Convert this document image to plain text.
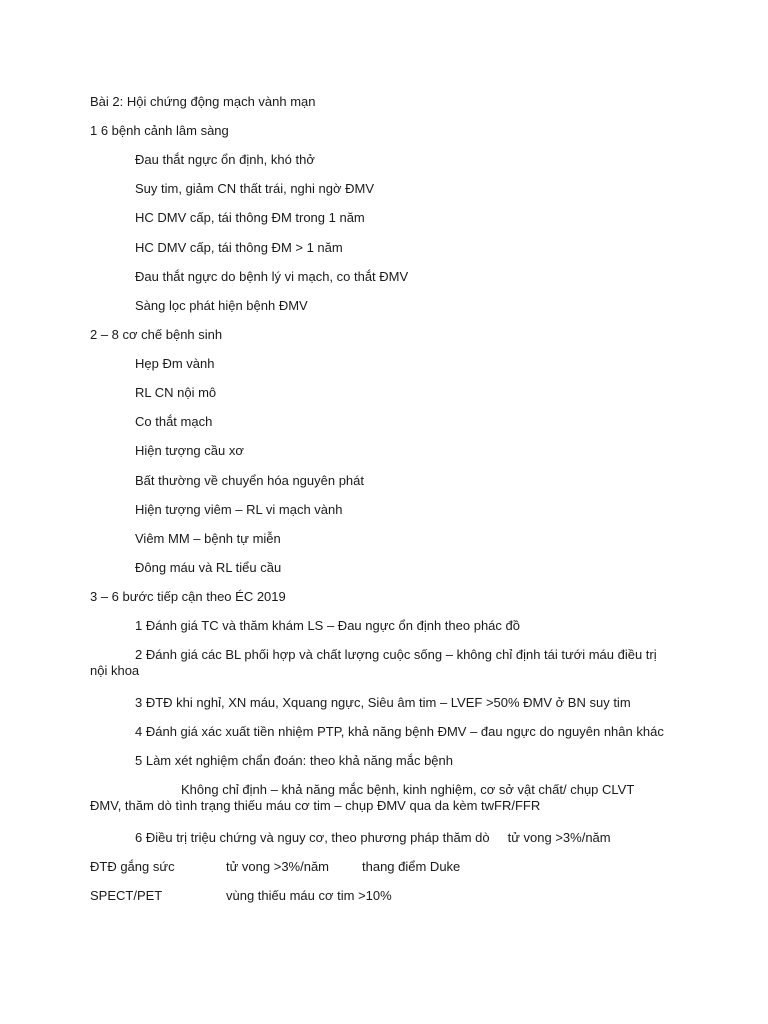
Bài 2: Hội chứng động mạch vành mạn
1 6 bệnh cảnh lâm sàng
Đau thắt ngực ổn định, khó thở
Suy tim, giảm CN thất trái, nghi ngờ ĐMV
HC DMV cấp, tái thông ĐM trong 1 năm
HC DMV cấp, tái thông ĐM > 1 năm
Đau thắt ngực do bệnh lý vi mạch, co thắt ĐMV
Sàng lọc phát hiện bệnh ĐMV
2 – 8 cơ chế bệnh sinh
Hẹp Đm vành
RL CN nội mô
Co thắt mạch
Hiện tượng cầu xơ
Bất thường về chuyển hóa nguyên phát
Hiện tượng viêm – RL vi mạch vành
Viêm MM – bệnh tự miễn
Đông máu và RL tiểu cầu
3 – 6 bước tiếp cận theo ÉC 2019
1 Đánh giá TC và thăm khám LS – Đau ngực ổn định theo phác đồ
2 Đánh giá các BL phối hợp và chất lượng cuộc sống – không chỉ định tái tưới máu điều trị nội khoa
3 ĐTĐ khi nghỉ, XN máu, Xquang ngực, Siêu âm tim – LVEF >50% ĐMV ở BN suy tim
4 Đánh giá xác xuất tiền nhiệm PTP, khả năng bệnh ĐMV – đau ngực do nguyên nhân khác
5 Làm xét nghiệm chẩn đoán: theo khả năng mắc bệnh
Không chỉ định – khả năng mắc bệnh, kinh nghiệm, cơ sở vật chất/ chụp CLVT ĐMV, thăm dò tình trạng thiếu máu cơ tim – chụp ĐMV qua da kèm twFR/FFR
6 Điều trị triệu chứng và nguy cơ, theo phương pháp thăm dò tử vong >3%/năm
ĐTĐ gắng sức	tử vong >3%/năm	thang điểm Duke
SPECT/PET	vùng thiếu máu cơ tim >10%
